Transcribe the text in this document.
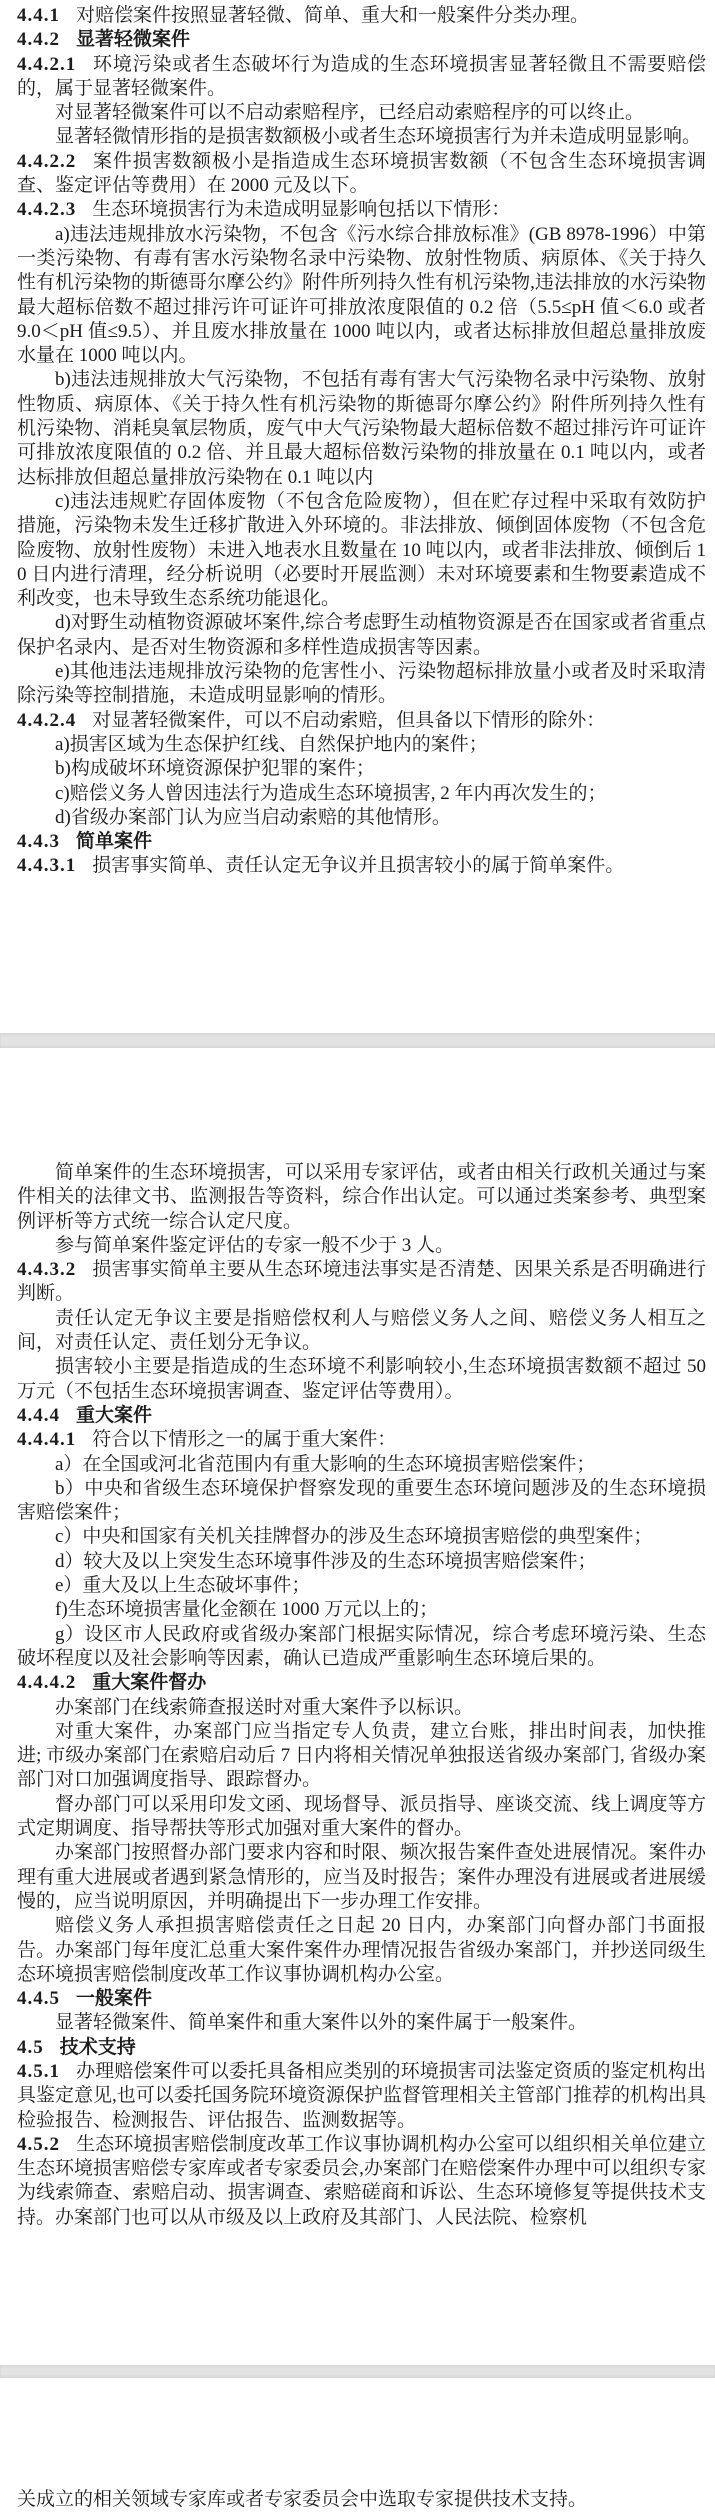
4.4.1 对赔偿案件按照显著轻微、简单、重大和一般案件分类办理。

4.4.2 显著轻微案件

4.4.2.1 环境污染或者生态破坏行为造成的生态环境损害显著轻微且不需要赔偿的，属于显著轻微案件。

对显著轻微案件可以不启动索赔程序，已经启动索赔程序的可以终止。

显著轻微情形指的是损害数额极小或者生态环境损害行为并未造成明显影响。

4.4.2.2 案件损害数额极小是指造成生态环境损害数额（不包含生态环境损害调查、鉴定评估等费用）在 2000 元及以下。

4.4.2.3 生态环境损害行为未造成明显影响包括以下情形：

a)违法违规排放水污染物，不包含《污水综合排放标准》(GB 8978-1996）中第一类污染物、有毒有害水污染物名录中污染物、放射性物质、病原体、《关于持久性有机污染物的斯德哥尔摩公约》附件所列持久性有机污染物,违法排放的水污染物最大超标倍数不超过排污许可证许可排放浓度限值的 0.2 倍（5.5≤pH 值＜6.0 或者 9.0＜pH 值≤9.5）、并且废水排放量在 1000 吨以内，或者达标排放但超总量排放废水量在 1000 吨以内。

b)违法违规排放大气污染物，不包括有毒有害大气污染物名录中污染物、放射性物质、病原体、《关于持久性有机污染物的斯德哥尔摩公约》附件所列持久性有机污染物、消耗臭氧层物质，废气中大气污染物最大超标倍数不超过排污许可证许可排放浓度限值的 0.2 倍、并且最大超标倍数污染物的排放量在 0.1 吨以内，或者达标排放但超总量排放污染物在 0.1 吨以内

c)违法违规贮存固体废物（不包含危险废物），但在贮存过程中采取有效防护措施，污染物未发生迁移扩散进入外环境的。非法排放、倾倒固体废物（不包含危险废物、放射性废物）未进入地表水且数量在 10 吨以内，或者非法排放、倾倒后 10 日内进行清理，经分析说明（必要时开展监测）未对环境要素和生物要素造成不利改变，也未导致生态系统功能退化。

d)对野生动植物资源破坏案件,综合考虑野生动植物资源是否在国家或者省重点保护名录内、是否对生物资源和多样性造成损害等因素。

e)其他违法违规排放污染物的危害性小、污染物超标排放量小或者及时采取清除污染等控制措施，未造成明显影响的情形。

4.4.2.4 对显著轻微案件，可以不启动索赔，但具备以下情形的除外：

a)损害区域为生态保护红线、自然保护地内的案件；

b)构成破坏环境资源保护犯罪的案件；

c)赔偿义务人曾因违法行为造成生态环境损害, 2 年内再次发生的；

d)省级办案部门认为应当启动索赔的其他情形。

4.4.3 简单案件

4.4.3.1 损害事实简单、责任认定无争议并且损害较小的属于简单案件。

简单案件的生态环境损害，可以采用专家评估，或者由相关行政机关通过与案件相关的法律文书、监测报告等资料，综合作出认定。可以通过类案参考、典型案例评析等方式统一综合认定尺度。

参与简单案件鉴定评估的专家一般不少于 3 人。

4.4.3.2 损害事实简单主要从生态环境违法事实是否清楚、因果关系是否明确进行判断。

责任认定无争议主要是指赔偿权利人与赔偿义务人之间、赔偿义务人相互之间，对责任认定、责任划分无争议。

损害较小主要是指造成的生态环境不利影响较小,生态环境损害数额不超过 50 万元（不包括生态环境损害调查、鉴定评估等费用）。

4.4.4 重大案件

4.4.4.1 符合以下情形之一的属于重大案件：

a）在全国或河北省范围内有重大影响的生态环境损害赔偿案件；

b）中央和省级生态环境保护督察发现的重要生态环境问题涉及的生态环境损害赔偿案件；

c）中央和国家有关机关挂牌督办的涉及生态环境损害赔偿的典型案件；

d）较大及以上突发生态环境事件涉及的生态环境损害赔偿案件；

e）重大及以上生态破坏事件；

f)生态环境损害量化金额在 1000 万元以上的；

g）设区市人民政府或省级办案部门根据实际情况，综合考虑环境污染、生态破坏程度以及社会影响等因素，确认已造成严重影响生态环境后果的。

4.4.4.2 重大案件督办

办案部门在线索筛查报送时对重大案件予以标识。

对重大案件，办案部门应当指定专人负责，建立台账，排出时间表，加快推进; 市级办案部门在索赔启动后 7 日内将相关情况单独报送省级办案部门, 省级办案部门对口加强调度指导、跟踪督办。

督办部门可以采用印发文函、现场督导、派员指导、座谈交流、线上调度等方式定期调度、指导帮扶等形式加强对重大案件的督办。

办案部门按照督办部门要求内容和时限、频次报告案件查处进展情况。案件办理有重大进展或者遇到紧急情形的，应当及时报告；案件办理没有进展或者进展缓慢的，应当说明原因，并明确提出下一步办理工作安排。

赔偿义务人承担损害赔偿责任之日起 20 日内，办案部门向督办部门书面报告。办案部门每年度汇总重大案件案件办理情况报告省级办案部门，并抄送同级生态环境损害赔偿制度改革工作议事协调机构办公室。

4.4.5 一般案件

显著轻微案件、简单案件和重大案件以外的案件属于一般案件。

4.5 技术支持

4.5.1 办理赔偿案件可以委托具备相应类别的环境损害司法鉴定资质的鉴定机构出具鉴定意见,也可以委托国务院环境资源保护监督管理相关主管部门推荐的机构出具检验报告、检测报告、评估报告、监测数据等。

4.5.2 生态环境损害赔偿制度改革工作议事协调机构办公室可以组织相关单位建立生态环境损害赔偿专家库或者专家委员会,办案部门在赔偿案件办理中可以组织专家为线索筛查、索赔启动、损害调查、索赔磋商和诉讼、生态环境修复等提供技术支持。办案部门也可以从市级及以上政府及其部门、人民法院、检察机

关成立的相关领域专家库或者专家委员会中选取专家提供技术支持。
